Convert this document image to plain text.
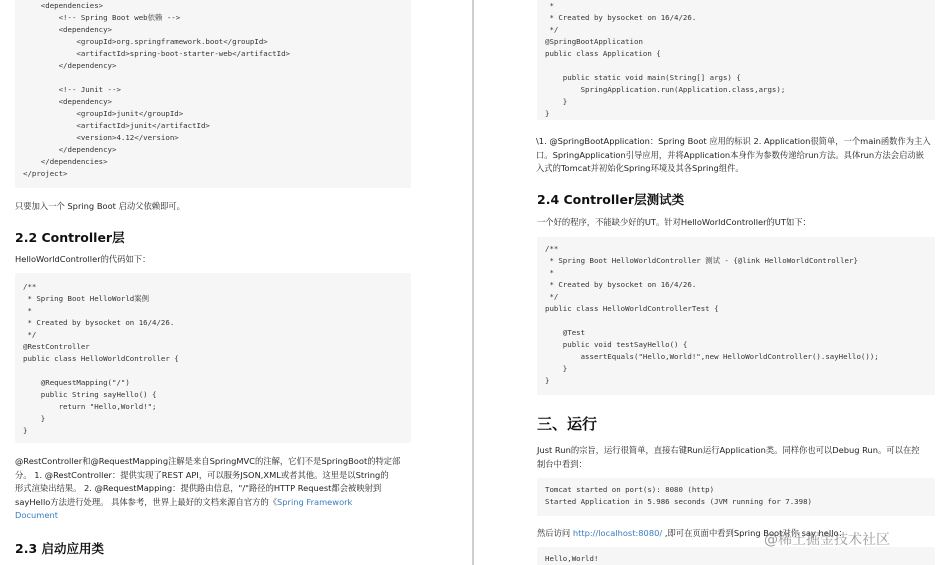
<dependencies>
<!-- Spring Boot web依赖 -->
<dependency>
<groupId>org.springframework.boot</groupId>
<artifactId>spring-boot-starter-web</artifactId>
</dependency>
<!-- Junit -->
<dependency>
<groupId>junit</groupId>
<artifactId>junit</artifactId>
<version>4.12</version>
</dependency>
</dependencies>
</project>
只要加入一个 Spring Boot 启动父依赖即可。
2.2 Controller层
HelloWorldController的代码如下：
/**
* Spring Boot HelloWorld案例
*
* Created by bysocket on 16/4/26.
*/
@RestController
public class HelloWorldController {
@RequestMapping("/")
public String sayHello() {
return "Hello,World!";
}
}
@RestController和@RequestMapping注解是来自SpringMVC的注解，它们不是SpringBoot的特定部
分。 1. @RestController：提供实现了REST API，可以服务JSON,XML或者其他。这里是以String的
形式渲染出结果。 2. @RequestMapping：提供路由信息，"/"路径的HTTP Request都会被映射到
sayHello方法进行处理。 具体参考，世界上最好的文档来源自官方的《Spring Framework
Document
2.3 启动应用类
*
* Created by bysocket on 16/4/26.
*/
@SpringBootApplication
public class Application {
public static void main(String[] args) {
SpringApplication.run(Application.class,args);
}
}
\1. @SpringBootApplication：Spring Boot 应用的标识 2. Application很简单，一个main函数作为主入
口。SpringApplication引导应用，并将Application本身作为参数传递给run方法。具体run方法会启动嵌
入式的Tomcat并初始化Spring环境及其各Spring组件。
2.4 Controller层测试类
一个好的程序，不能缺少好的UT。针对HelloWorldController的UT如下：
/**
* Spring Boot HelloWorldController 测试 - {@link HelloWorldController}
*
* Created by bysocket on 16/4/26.
*/
public class HelloWorldControllerTest {
@Test
public void testSayHello() {
assertEquals("Hello,World!",new HelloWorldController().sayHello());
}
}
三、运行
Just Run的宗旨，运行很简单，直接右键Run运行Application类。同样你也可以Debug Run。可以在控
制台中看到：
Tomcat started on port(s): 8080 (http)
Started Application in 5.986 seconds (JVM running for 7.398)
然后访问 http://localhost:8080/ ,即可在页面中看到Spring Boot对你 say hello：
Hello,World!
@稀土掘金技术社区
